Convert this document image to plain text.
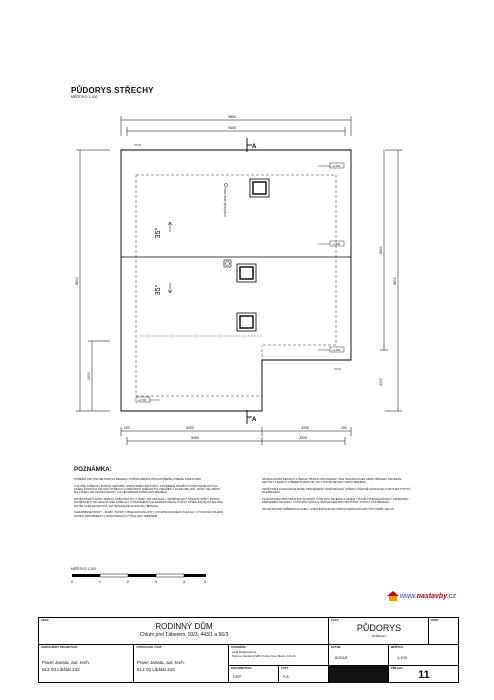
PŮDORYS STŘECHY
MĚŘÍTKO 1:100
9800
9400
8510
2200
8510
6510
2000
5400	3200
5400	3200
200	200
A
A
35°
35°
ODVĚTRÁNÍ KANALIZACE
+4,700
+7,200
+4,700
0,0 %
+4,700
0,0 %
POZNÁMKA:

STŘEŠNÍ KRYTINA BETONOVÁ BRAMAC S PŘÍSLUŠENSTVÍM DOSTŘEŠE VYBERE INVESTORA

V PLOŠE STŘECHY BUDOU UMÍSTĚNY PROTISNĚHOVÉ TAŠKY. POTŘEBNÉ MNOŽSTVÍ PROTISNĚHOVÝCH TAŠEK ZÁVISÍ NA SKLONU STŘECHY A MNOŽSTVÍ SNĚHOVÝCH SRÁŽEK V DANÉ OBLASTI. TAŠKY SE UMÍSTÍ DO 2 ŘADY OD OKAPNÍ HRANY. VIZ TECHNICKÉ PODKLADY BRAMAC

ODVĚTRÁVACÍ TAŠKY BUDOU UMÍSTĚNY DO 2. ŘADY OD VRCHOLU. ODVĚTRÁVACÍ OSTATNÍ TAŠKY BUDOU ROZMÍSTĚNY NA CELÉ PLOŠE STŘECHY V PRAVIDELNÝCH ROZESTUPECH, POČET TAŠEK ZÁVISÍ NA SKLONU, PLOŠE A DÉLCE KROKVÍ. VIZ TECHNICKÉ PODKLADY BRAMAC

KLEMPÍŘSKÉ PRVKY - ŽLABY, SVODY, OPLECHOVÁNÍ ATIKY Z POZINKOVANÉHO PLECHU. VÝTOKOVÉ KOLENO SVODU PROVEDENO V ODPOVÍDAJÍCÍ VÝŠCE NAD TERÉNEM

OPLECHOVÁNÍ DETAILŮ STŘECHY BUDOU PROVEDENY DLE TECHNOLOGIE FIRMY BRAMAC MATERIÁL KRYTINY A BARVU VYBERE INVESTOR, VIZ TYPOVÉ DETAILY FIRMY BRAMAC

ODVĚTRÁNÍ KANALIZACE BUDE PROVEDENO ODVĚTRÁVACÍ TAŠKOU VČETNĚ NÁSTAVCE S KRYTEM TYPOVÝ DLE BRAMAC

ZA NASTAVEC PRO PROSTUP ANTÉNNÍ TYČE PRO TELEVIZI A SATELIT POUŽIJ SPECIALIZOVANÝ FIRMA PRO PROVEDENÍ ODVODU. VYSTUPNÍ TAŠKA S NASTAVCEM PRO PROSTUP, TYPOVÝ DLE BRAMAC

ODVĚTRÁVÁNÍ STŘEŠNÍCH OKEN - UMÍSTĚNÍ DLE PRO PROSTUPNOVÁNÍ KRYTINY FIRMY VELUX

MĚŘÍTKO 1:100
0	1	2	3	4	5
www.nastavby.cz
AKCE:
RODINNÝ DŮM
Chlum pod Táborem, 93/3, 443/1 a 96/3
ČÁST:
PŮDORYS
STŘECHY
PARÉ:
ZODPOVĚDNÝ PROJEKTANT:
Pavel Janata, aut. tech.
512 03 Libštát 242
VYPRACOVAL ČÁST:
Pavel Janata, aut. tech.
512 03 Libštát 242
STAVEBNÍK:
Lada Mináčovičová
Karlovo náměstí 2/105, Praha, Nové Město, 120 00
DATUM:
8/2010
MĚŘÍTKO:
1:100
DOKUMENTACE:
DSP
ČÁST:
F.A
PŘÍLOHA:
11
